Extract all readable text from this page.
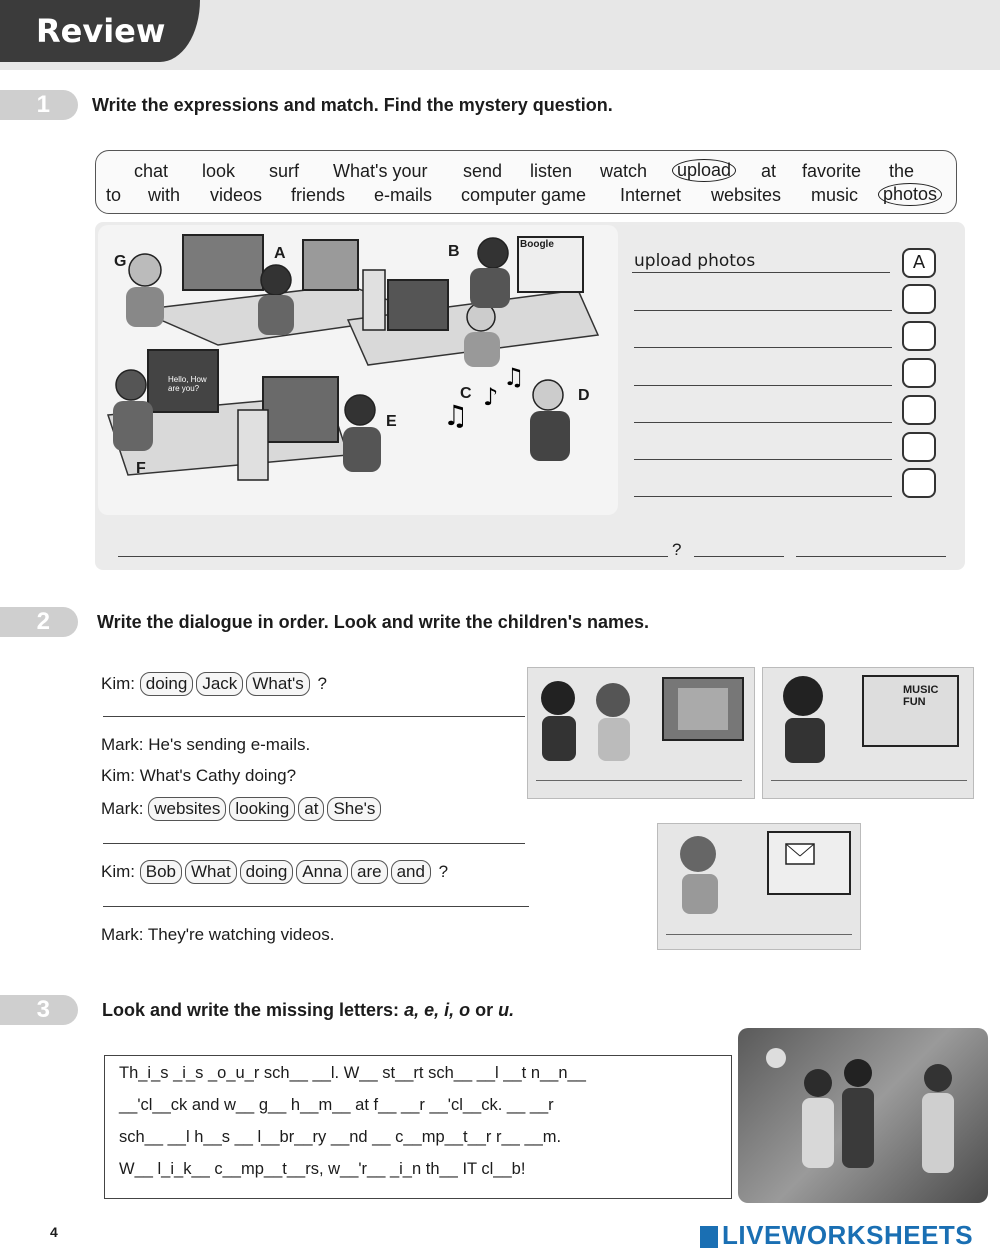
Review
1	Write the expressions and match. Find the mystery question.
chat look surf What's your send listen watch upload at favorite the
to with videos friends e-mails computer game Internet websites music photos
♫
♪
♫
G	A	B
C	D
E
F
Boogle
Hello, How are you?
upload photos	A
?
2	Write the dialogue in order. Look and write the children's names.
Kim: doing Jack What's ?
Mark: He's sending e-mails.
Kim: What's Cathy doing?
Mark: websites looking at She's
Kim: Bob What doing Anna are and ?
Mark: They're watching videos.
MUSIC FUN
3	Look and write the missing letters: a, e, i, o or u.
Th_i_s _i_s _o_u_r sch__ __l. W__ st__rt sch__ __l __t n__n__
__'cl__ck and w__ g__ h__m__ at f__ __r __'cl__ck. __ __r
sch__ __l h__s __ l__br__ry __nd __ c__mp__t__r r__ __m.
W__ l_i_k__ c__mp__t__rs, w__'r__ _i_n th__ IT cl__b!
4	LIVEWORKSHEETS
